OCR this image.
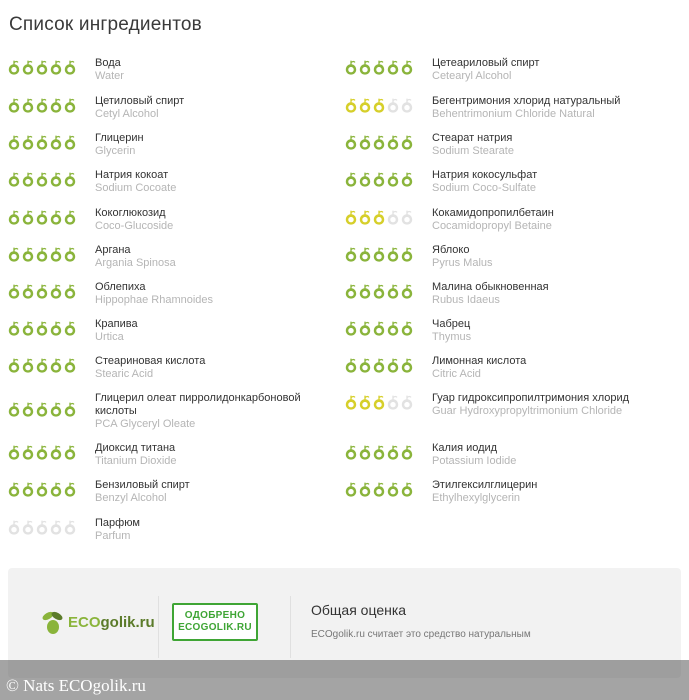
Список ингредиентов
Вода
Water
Цетиловый спирт
Cetyl Alcohol
Глицерин
Glycerin
Натрия кокоат
Sodium Cocoate
Кокоглюкозид
Coco-Glucoside
Аргана
Argania Spinosa
Облепиха
Hippophae Rhamnoides
Крапива
Urtica
Стеариновая кислота
Stearic Acid
Глицерил олеат пирролидонкарбоновой кислоты
PCA Glyceryl Oleate
Диоксид титана
Titanium Dioxide
Бензиловый спирт
Benzyl Alcohol
Парфюм
Parfum
Цетеариловый спирт
Cetearyl Alcohol
Бегентримония хлорид натуральный
Behentrimonium Chloride Natural
Стеарат натрия
Sodium Stearate
Натрия кокосульфат
Sodium Coco-Sulfate
Кокамидопропилбетаин
Cocamidopropyl Betaine
Яблоко
Pyrus Malus
Малина обыкновенная
Rubus Idaeus
Чабрец
Thymus
Лимонная кислота
Citric Acid
Гуар гидроксипропилтримония хлорид
Guar Hydroxypropyltrimonium Chloride
Калия иодид
Potassium Iodide
Этилгексилглицерин
Ethylhexylglycerin
ECOgolik.ru	ОДОБРЕНО
ECOGOLIK.RU
Общая оценка
ECOgolik.ru считает это средство натуральным
© Nats ECOgolik.ru
